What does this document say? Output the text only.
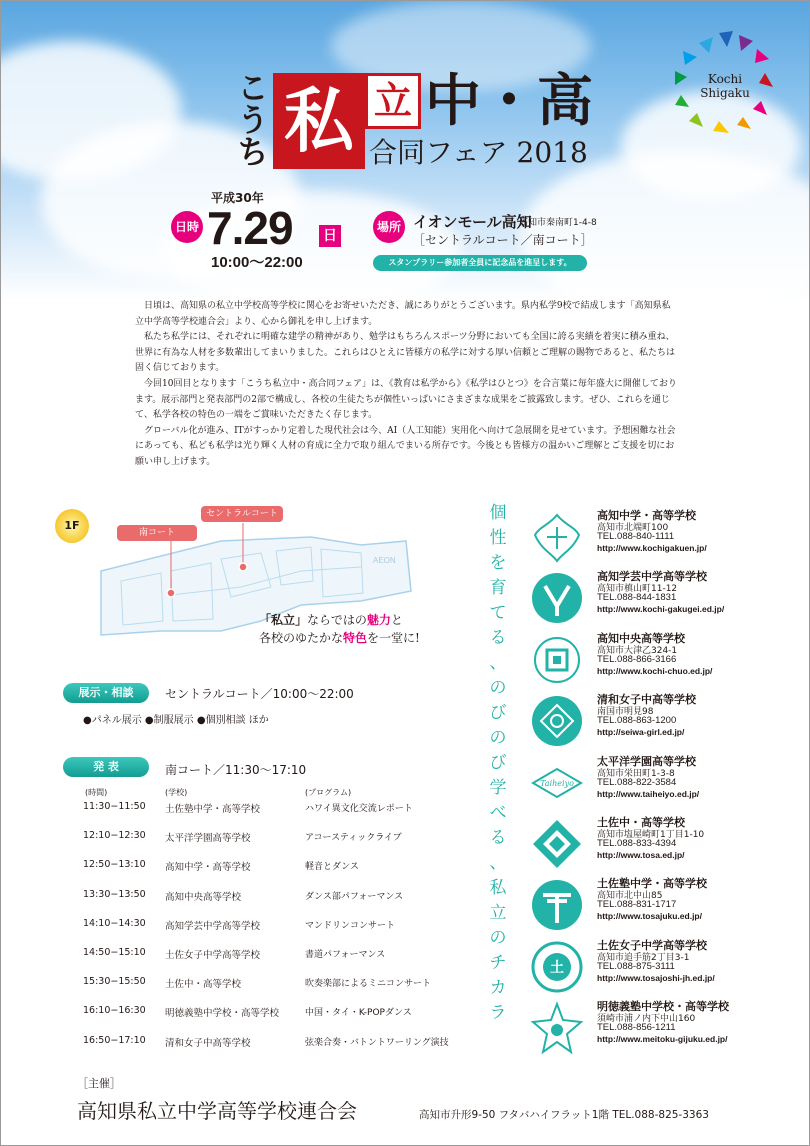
こうち 私 立 中・高
合同フェア 2018
Kochi
Shigaku
日時
平成30年
7.29 日
10:00～22:00
場所 イオンモール高知
高知市秦南町1-4-8
［セントラルコート／南コート］
スタンプラリー参加者全員に記念品を進呈します。

日頃は、高知県の私立中学校高等学校に関心をお寄せいただき、誠にありがとうございます。県内私学9校で結成します「高知県私立中学高等学校連合会」より、心から御礼を申し上げます。

私たち私学には、それぞれに明確な建学の精神があり、勉学はもちろんスポーツ分野においても全国に誇る実績を着実に積み重ね、世界に有為な人材を多数輩出してまいりました。これらはひとえに皆様方の私学に対する厚い信頼とご理解の賜物であると、私たちは固く信じております。

今回10回目となります「こうち私立中・高合同フェア」は、《教育は私学から》《私学はひとつ》を合言葉に毎年盛大に開催しております。展示部門と発表部門の2部で構成し、各校の生徒たちが個性いっぱいにさまざまな成果をご披露致します。ぜひ、これらを通じて、私学各校の特色の一端をご賞味いただきたく存じます。

グローバル化が進み、ITがすっかり定着した現代社会は今、AI（人工知能）実用化へ向けて急展開を見せています。予想困難な社会にあっても、私ども私学は光り輝く人材の育成に全力で取り組んでまいる所存です。今後とも皆様方の温かいご理解とご支援を切にお願い申し上げます。

AEON
1F
南コート
セントラルコート
「私立」ならではの魅力と
各校のゆたかな特色を一堂に!
展示・相談	セントラルコート／10:00～22:00
●パネル展示 ●制服展示 ●個別相談 ほか
発 表	南コート／11:30～17:10
(時間)	(学校)	(プログラム)
11:30−11:50 土佐塾中学・高等学校	ハワイ異文化交流レポート
12:10−12:30 太平洋学園高等学校	アコースティックライブ
12:50−13:10 高知中学・高等学校	軽音とダンス
13:30−13:50 高知中央高等学校	ダンス部パフォーマンス
14:10−14:30 高知学芸中学高等学校	マンドリンコンサート
14:50−15:10 土佐女子中学高等学校	書道パフォーマンス
15:30−15:50 土佐中・高等学校	吹奏楽部によるミニコンサート
16:10−16:30 明徳義塾中学校・高等学校	中国・タイ・K-POPダンス
16:50−17:10 清和女子中高等学校	弦楽合奏・バトントワーリング演技
個
性
を
育
て
る
、
の
び
の
び
学
べ
る
、
私
立
の
チ
カ
ラ
高知中学・高等学校
高知市北端町100
TEL.088-840-1111
http://www.kochigakuen.jp/
高知学芸中学高等学校
高知市槙山町11-12
TEL.088-844-1831
http://www.kochi-gakugei.ed.jp/
高知中央高等学校
高知市大津乙324-1
TEL.088-866-3166
http://www.kochi-chuo.ed.jp/
清和女子中高等学校
南国市明見98
TEL.088-863-1200
http://seiwa-girl.ed.jp/
Taiheiyo
太平洋学園高等学校
高知市栄田町1-3-8
TEL.088-822-3584
http://www.taiheiyo.ed.jp/
土佐中・高等学校
高知市塩屋崎町1丁目1-10
TEL.088-833-4394
http://www.tosa.ed.jp/
土佐塾中学・高等学校
高知市北中山85
TEL.088-831-1717
http://www.tosajuku.ed.jp/
土
土佐女子中学高等学校
高知市追手筋2丁目3-1
TEL.088-875-3111
http://www.tosajoshi-jh.ed.jp/
明徳義塾中学校・高等学校
須崎市浦ノ内下中山160
TEL.088-856-1211
http://www.meitoku-gijuku.ed.jp/
［主催］
高知県私立中学高等学校連合会	高知市升形9-50 フタバハイフラット1階 TEL.088-825-3363
